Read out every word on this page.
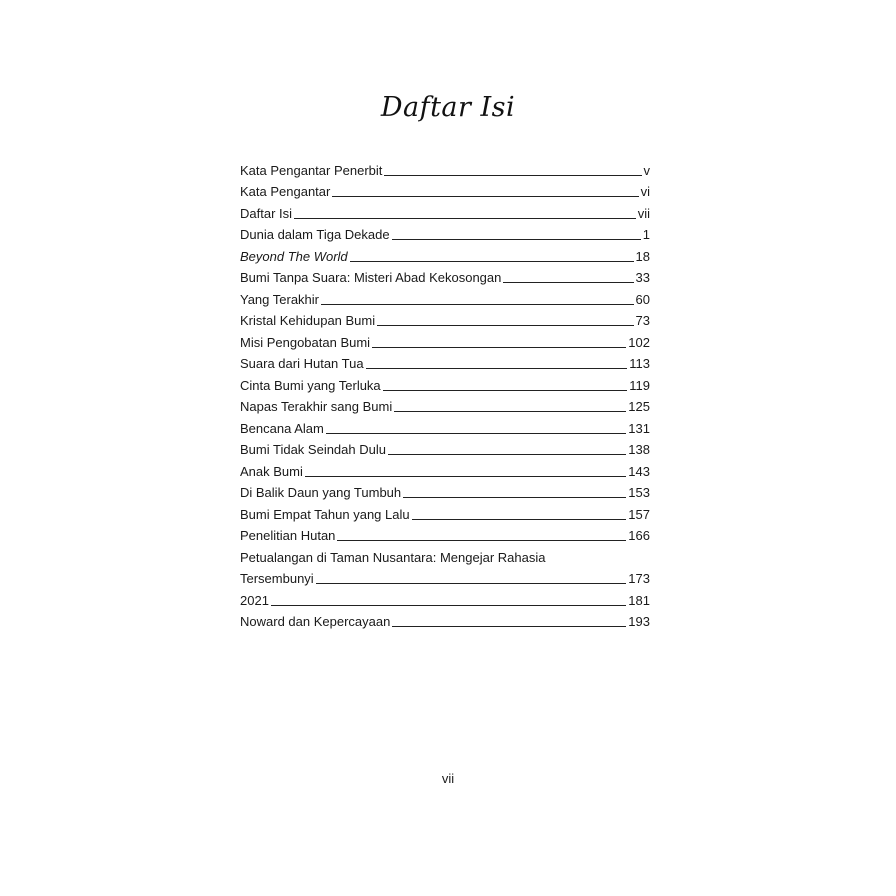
Daftar Isi
Kata Pengantar Penerbit	v
Kata Pengantar	vi
Daftar Isi	vii
Dunia dalam Tiga Dekade	1
Beyond The World	18
Bumi Tanpa Suara: Misteri Abad Kekosongan	33
Yang Terakhir	60
Kristal Kehidupan Bumi	73
Misi Pengobatan Bumi	102
Suara dari Hutan Tua	113
Cinta Bumi yang Terluka	119
Napas Terakhir sang Bumi	125
Bencana Alam	131
Bumi Tidak Seindah Dulu	138
Anak Bumi	143
Di Balik Daun yang Tumbuh	153
Bumi Empat Tahun yang Lalu	157
Penelitian Hutan	166
Petualangan di Taman Nusantara: Mengejar Rahasia
Tersembunyi	173
2021	181
Noward dan Kepercayaan	193
vii
